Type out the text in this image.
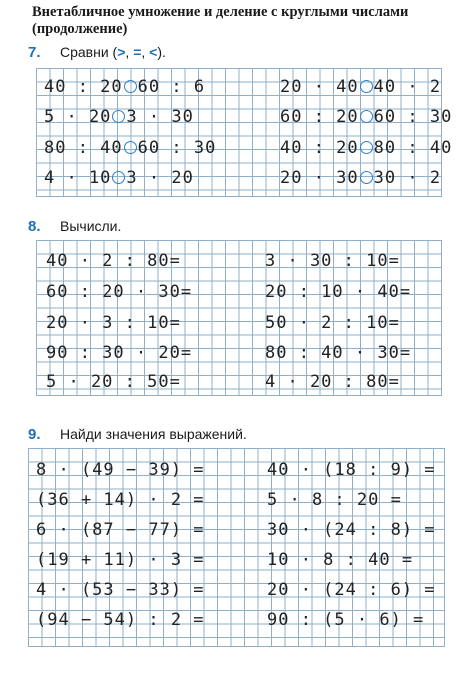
Внетабличное умножение и деление с круглыми числами (продолжение)
7.	Сравни (>, =, <).
40 : 20 60 : 6	20 · 40 40 · 2
5 · 20 3 · 30	60 : 20 60 : 30
80 : 40 60 : 30	40 : 20 80 : 40
4 · 10 3 · 20	20 · 30 30 · 2
8.	Вычисли.
40 · 2 : 80=	3 · 30 : 10=
60 : 20 · 30=	20 : 10 · 40=
20 · 3 : 10=	50 · 2 : 10=
90 : 30 · 20=	80 : 40 · 30=
5 · 20 : 50=	4 · 20 : 80=
9.	Найди значения выражений.
8 · (49 − 39) =	40 · (18 : 9) =
(36 + 14) · 2 =	5 · 8 : 20 =
6 · (87 − 77) =	30 · (24 : 8) =
(19 + 11) · 3 =	10 · 8 : 40 =
4 · (53 − 33) =	20 · (24 : 6) =
(94 − 54) : 2 =	90 : (5 · 6) =
